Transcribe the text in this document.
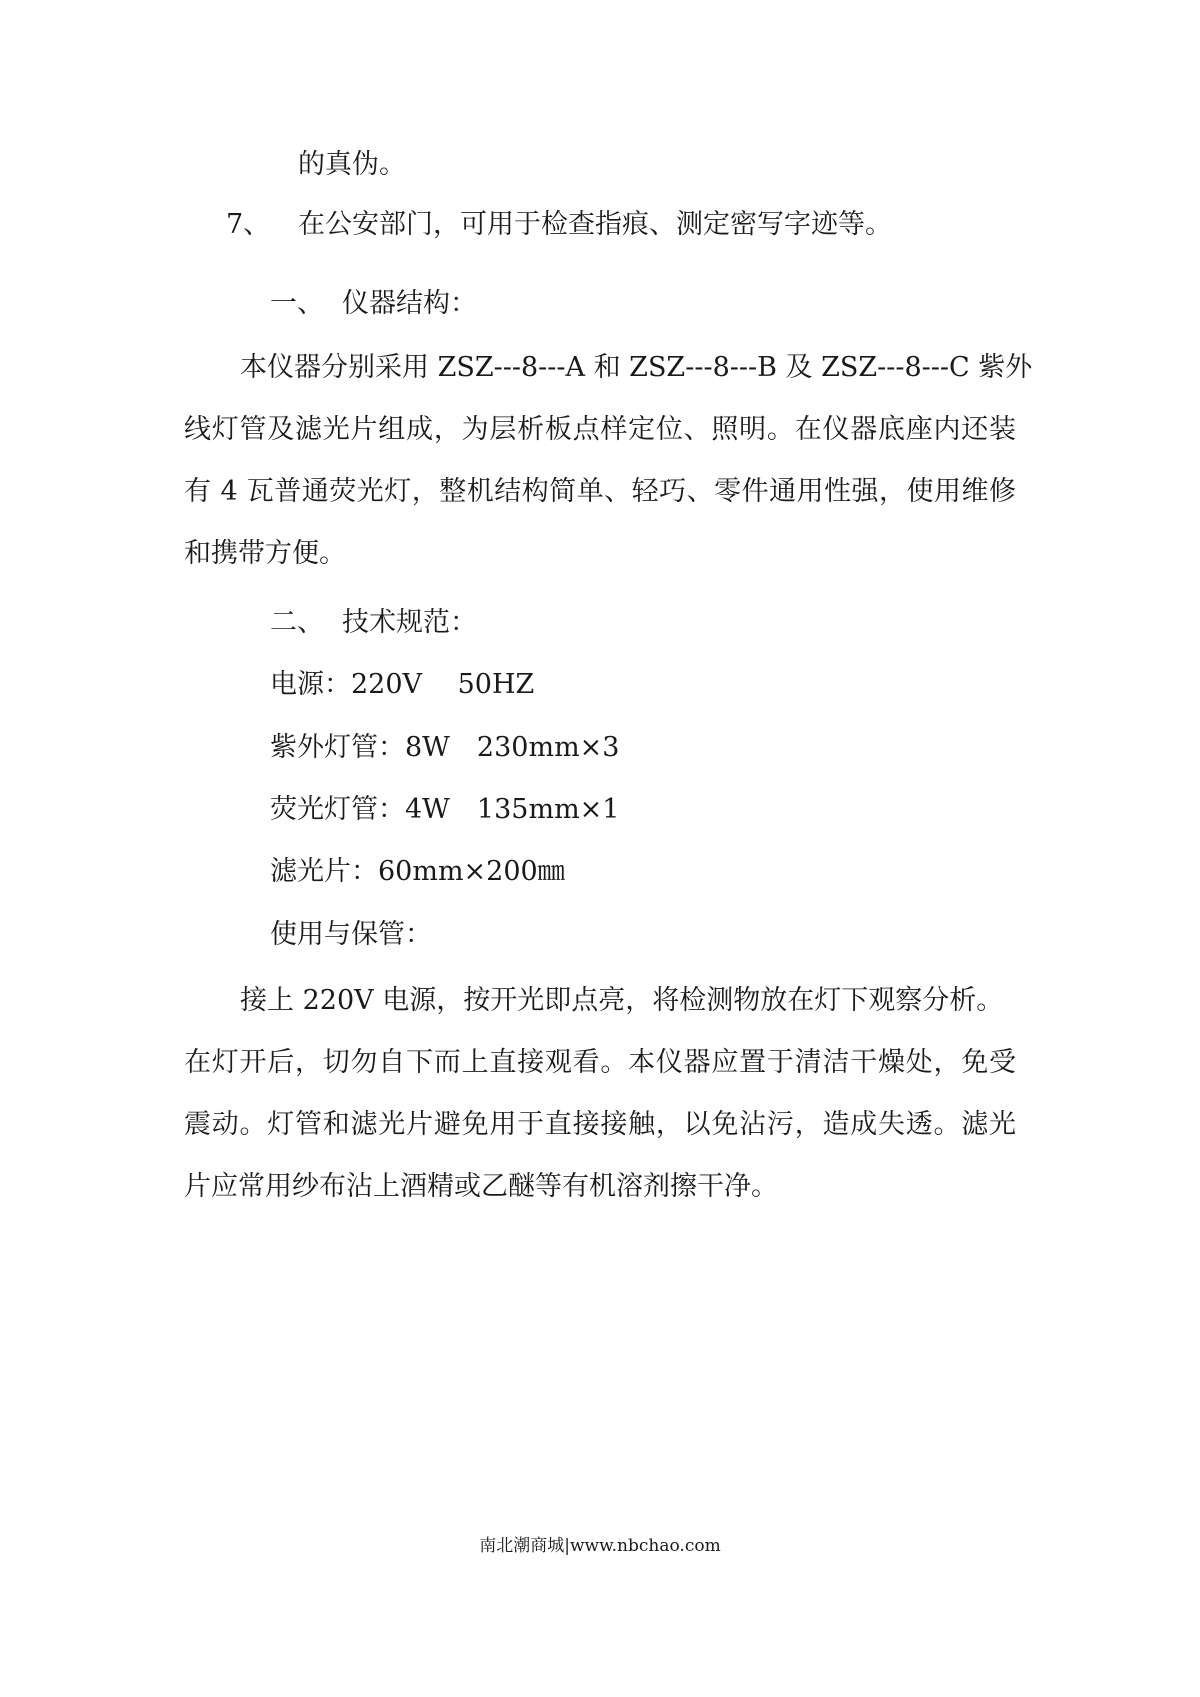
的真伪。
7、 在公安部门，可用于检查指痕、测定密写字迹等。
一、 仪器结构：
本仪器分别采用 ZSZ---8---A 和 ZSZ---8---B 及 ZSZ---8---C 紫外
线灯管及滤光片组成，为层析板点样定位、照明。在仪器底座内还装
有 4 瓦普通荧光灯，整机结构简单、轻巧、零件通用性强，使用维修
和携带方便。
二、 技术规范：
电源：220V　 50HZ
紫外灯管：8W　230mm×3
荧光灯管：4W　135mm×1
滤光片：60mm×200㎜
使用与保管：
接上 220V 电源，按开光即点亮，将检测物放在灯下观察分析。
在灯开后，切勿自下而上直接观看。本仪器应置于清洁干燥处，免受
震动。灯管和滤光片避免用于直接接触，以免沾污，造成失透。滤光
片应常用纱布沾上酒精或乙醚等有机溶剂擦干净。
南北潮商城|www.nbchao.com
